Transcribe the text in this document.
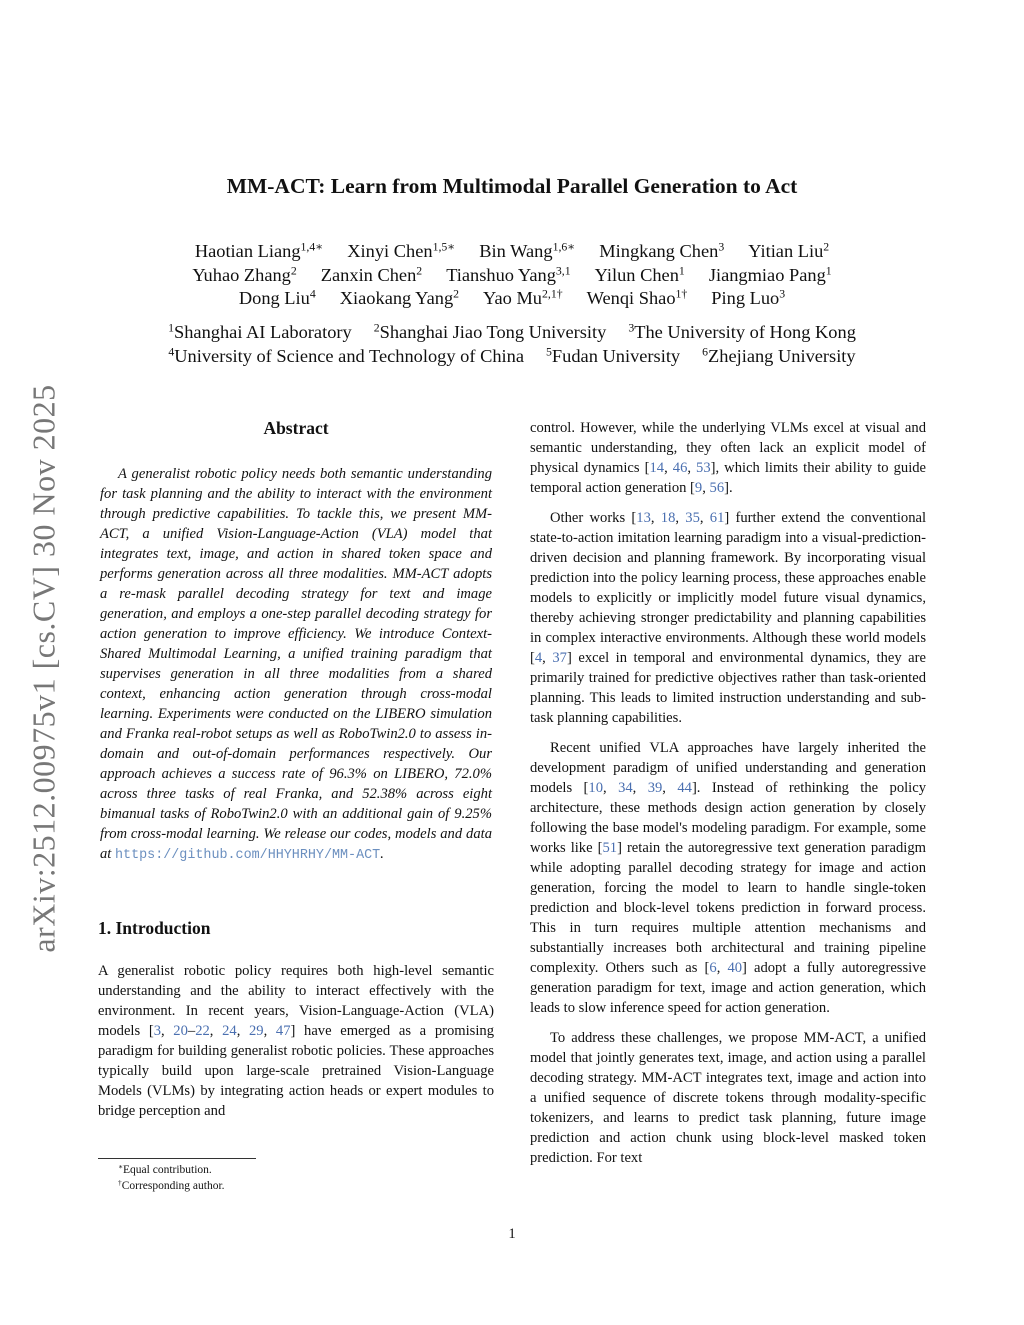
arXiv:2512.00975v1 [cs.CV] 30 Nov 2025
MM-ACT: Learn from Multimodal Parallel Generation to Act
Haotian Liang$^{1,4∗}$ Xinyi Chen$^{1,5∗}$ Bin Wang$^{1,6∗}$ Mingkang Chen$^3$ Yitian Liu$^2$
Yuhao Zhang$^2$ Zanxin Chen$^2$ Tianshuo Yang$^{3,1}$ Yilun Chen$^1$ Jiangmiao Pang$^1$
Dong Liu$^4$ Xiaokang Yang$^2$ Yao $Mu^{2,1\dagger}$ Wenqi Shao$^{1\dagger}$ Ping Luo$^3$
$^1$Shanghai AI Laboratory $^2$Shanghai Jiao Tong University $^3$The University of Hong Kong
$^4$University of Science and Technology of China $^5$Fudan University $^6$Zhejiang University
Abstract

A generalist robotic policy needs both semantic understanding for task planning and the ability to interact with the environment through predictive capabilities. To tackle this, we present MM-ACT, a unified Vision-Language-Action (VLA) model that integrates text, image, and action in shared token space and performs generation across all three modalities. MM-ACT adopts a re-mask parallel decoding strategy for text and image generation, and employs a one-step parallel decoding strategy for action generation to improve efficiency. We introduce Context-Shared Multimodal Learning, a unified training paradigm that supervises generation in all three modalities from a shared context, enhancing action generation through cross-modal learning. Experiments were conducted on the LIBERO simulation and Franka real-robot setups as well as RoboTwin2.0 to assess in-domain and out-of-domain performances respectively. Our approach achieves a success rate of 96.3% on LIBERO, 72.0% across three tasks of real Franka, and 52.38% across eight bimanual tasks of RoboTwin2.0 with an additional gain of 9.25% from cross-modal learning. We release our codes, models and data at https://github.com/HHYHRHY/MM-ACT.

1. Introduction

A generalist robotic policy requires both high-level semantic understanding and the ability to interact effectively with the environment. In recent years, Vision-Language-Action (VLA) models [3, 20–22, 24, 29, 47] have emerged as a promising paradigm for building generalist robotic policies. These approaches typically build upon large-scale pretrained Vision-Language Models (VLMs) by integrating action heads or expert modules to bridge perception and

control. However, while the underlying VLMs excel at visual and semantic understanding, they often lack an explicit model of physical dynamics [14, 46, 53], which limits their ability to guide temporal action generation [9, 56].

Other works [13, 18, 35, 61] further extend the conventional state-to-action imitation learning paradigm into a visual-prediction-driven decision and planning framework. By incorporating visual prediction into the policy learning process, these approaches enable models to explicitly or implicitly model future visual dynamics, thereby achieving stronger predictability and planning capabilities in complex interactive environments. Although these world models [4, 37] excel in temporal and environmental dynamics, they are primarily trained for predictive objectives rather than task-oriented planning. This leads to limited instruction understanding and sub-task planning capabilities.

Recent unified VLA approaches have largely inherited the development paradigm of unified understanding and generation models [10, 34, 39, 44]. Instead of rethinking the policy architecture, these methods design action generation by closely following the base model's modeling paradigm. For example, some works like [51] retain the autoregressive text generation paradigm while adopting parallel decoding strategy for image and action generation, forcing the model to learn to handle single-token prediction and block-level tokens prediction in forward process. This in turn requires multiple attention mechanisms and substantially increases both architectural and training pipeline complexity. Others such as [6, 40] adopt a fully autoregressive generation paradigm for text, image and action generation, which leads to slow inference speed for action generation.

To address these challenges, we propose MM-ACT, a unified model that jointly generates text, image, and action using a parallel decoding strategy. MM-ACT integrates text, image and action into a unified sequence of discrete tokens through modality-specific tokenizers, and learns to predict task planning, future image prediction and action chunk using block-level masked token prediction. For text

∗Equal contribution.
†Corresponding author.
1
